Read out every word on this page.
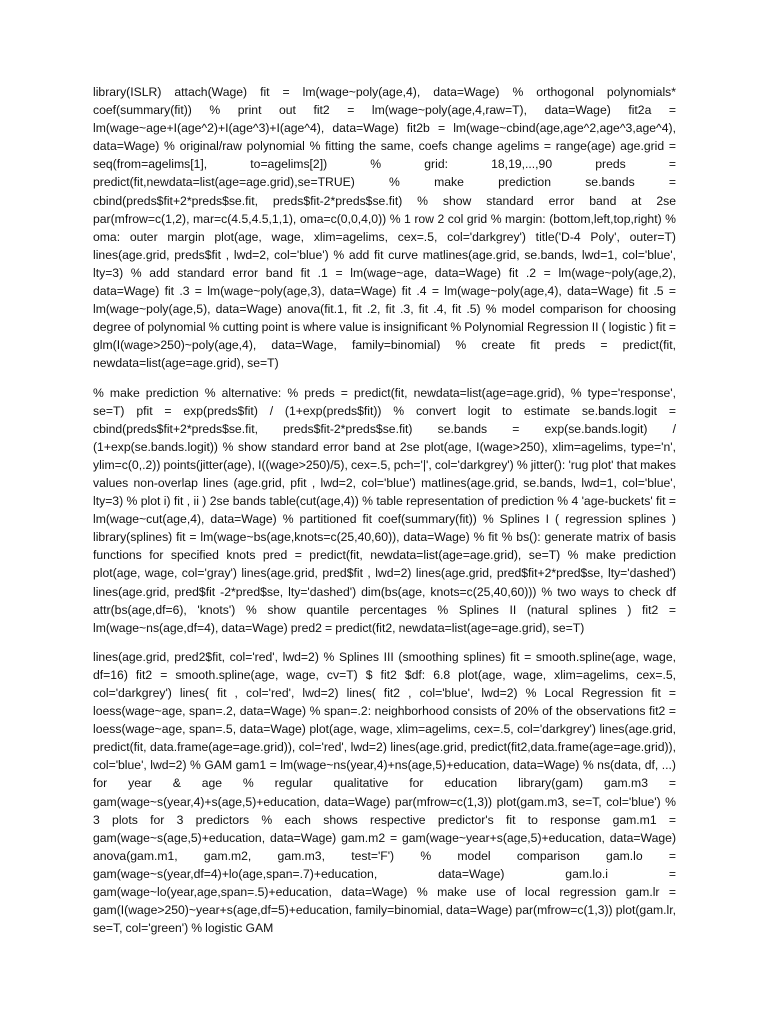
library(ISLR) attach(Wage) fit = lm(wage~poly(age,4), data=Wage) % orthogonal polynomials* coef(summary(fit)) % print out fit2 = lm(wage~poly(age,4,raw=T), data=Wage) fit2a = lm(wage~age+I(age^2)+I(age^3)+I(age^4), data=Wage) fit2b = lm(wage~cbind(age,age^2,age^3,age^4), data=Wage) % original/raw polynomial % fitting the same, coefs change agelims = range(age) age.grid = seq(from=agelims[1], to=agelims[2]) % grid: 18,19,...,90 preds = predict(fit,newdata=list(age=age.grid),se=TRUE) % make prediction se.bands = cbind(preds$fit+2*preds$se.fit, preds$fit-2*preds$se.fit) % show standard error band at 2se par(mfrow=c(1,2), mar=c(4.5,4.5,1,1), oma=c(0,0,4,0)) % 1 row 2 col grid % margin: (bottom,left,top,right) % oma: outer margin plot(age, wage, xlim=agelims, cex=.5, col='darkgrey') title('D-4 Poly', outer=T) lines(age.grid, preds$fit , lwd=2, col='blue') % add fit curve matlines(age.grid, se.bands, lwd=1, col='blue', lty=3) % add standard error band fit .1 = lm(wage~age, data=Wage) fit .2 = lm(wage~poly(age,2), data=Wage) fit .3 = lm(wage~poly(age,3), data=Wage) fit .4 = lm(wage~poly(age,4), data=Wage) fit .5 = lm(wage~poly(age,5), data=Wage) anova(fit.1, fit .2, fit .3, fit .4, fit .5) % model comparison for choosing degree of polynomial % cutting point is where value is insignificant % Polynomial Regression II ( logistic ) fit = glm(I(wage>250)~poly(age,4), data=Wage, family=binomial) % create fit preds = predict(fit, newdata=list(age=age.grid), se=T)

% make prediction % alternative: % preds = predict(fit, newdata=list(age=age.grid), % type='response', se=T) pfit = exp(preds$fit) / (1+exp(preds$fit)) % convert logit to estimate se.bands.logit = cbind(preds$fit+2*preds$se.fit, preds$fit-2*preds$se.fit) se.bands = exp(se.bands.logit) / (1+exp(se.bands.logit)) % show standard error band at 2se plot(age, I(wage>250), xlim=agelims, type='n', ylim=c(0,.2)) points(jitter(age), I((wage>250)/5), cex=.5, pch='|', col='darkgrey') % jitter(): 'rug plot' that makes values non-overlap lines (age.grid, pfit , lwd=2, col='blue') matlines(age.grid, se.bands, lwd=1, col='blue', lty=3) % plot i) fit , ii ) 2se bands table(cut(age,4)) % table representation of prediction % 4 'age-buckets' fit = lm(wage~cut(age,4), data=Wage) % partitioned fit coef(summary(fit)) % Splines I ( regression splines ) library(splines) fit = lm(wage~bs(age,knots=c(25,40,60)), data=Wage) % fit % bs(): generate matrix of basis functions for specified knots pred = predict(fit, newdata=list(age=age.grid), se=T) % make prediction plot(age, wage, col='gray') lines(age.grid, pred$fit , lwd=2) lines(age.grid, pred$fit+2*pred$se, lty='dashed') lines(age.grid, pred$fit -2*pred$se, lty='dashed') dim(bs(age, knots=c(25,40,60))) % two ways to check df attr(bs(age,df=6), 'knots') % show quantile percentages % Splines II (natural splines ) fit2 = lm(wage~ns(age,df=4), data=Wage) pred2 = predict(fit2, newdata=list(age=age.grid), se=T)

lines(age.grid, pred2$fit, col='red', lwd=2) % Splines III (smoothing splines) fit = smooth.spline(age, wage, df=16) fit2 = smooth.spline(age, wage, cv=T) $ fit2 $df: 6.8 plot(age, wage, xlim=agelims, cex=.5, col='darkgrey') lines( fit , col='red', lwd=2) lines( fit2 , col='blue', lwd=2) % Local Regression fit = loess(wage~age, span=.2, data=Wage) % span=.2: neighborhood consists of 20% of the observations fit2 = loess(wage~age, span=.5, data=Wage) plot(age, wage, xlim=agelims, cex=.5, col='darkgrey') lines(age.grid, predict(fit, data.frame(age=age.grid)), col='red', lwd=2) lines(age.grid, predict(fit2,data.frame(age=age.grid)), col='blue', lwd=2) % GAM gam1 = lm(wage~ns(year,4)+ns(age,5)+education, data=Wage) % ns(data, df, ...) for year & age % regular qualitative for education library(gam) gam.m3 = gam(wage~s(year,4)+s(age,5)+education, data=Wage) par(mfrow=c(1,3)) plot(gam.m3, se=T, col='blue') % 3 plots for 3 predictors % each shows respective predictor's fit to response gam.m1 = gam(wage~s(age,5)+education, data=Wage) gam.m2 = gam(wage~year+s(age,5)+education, data=Wage) anova(gam.m1, gam.m2, gam.m3, test='F') % model comparison gam.lo = gam(wage~s(year,df=4)+lo(age,span=.7)+education, data=Wage) gam.lo.i = gam(wage~lo(year,age,span=.5)+education, data=Wage) % make use of local regression gam.lr = gam(I(wage>250)~year+s(age,df=5)+education, family=binomial, data=Wage) par(mfrow=c(1,3)) plot(gam.lr, se=T, col='green') % logistic GAM
